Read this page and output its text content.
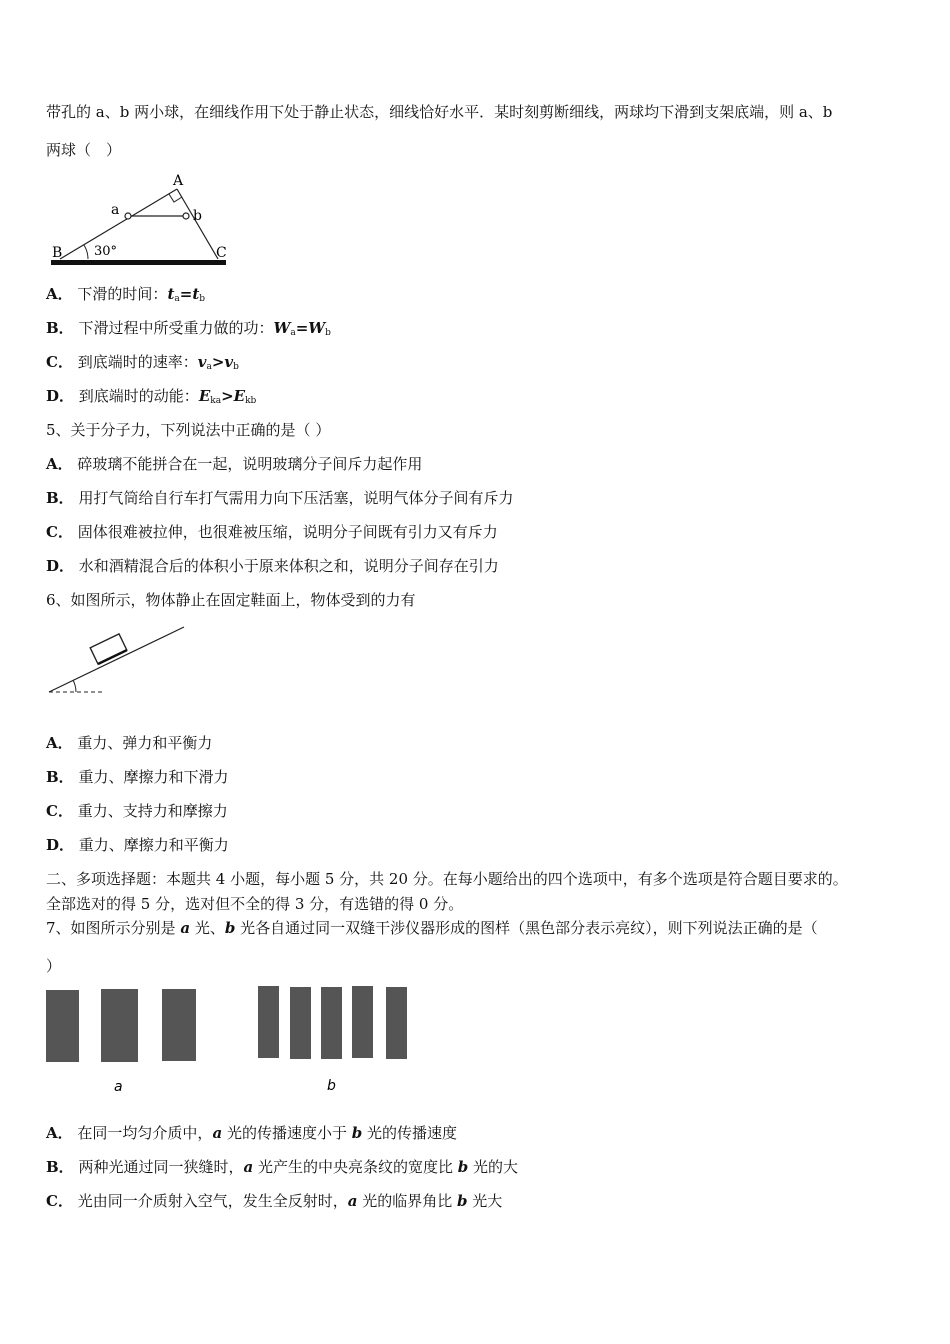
带孔的 a、b 两小球，在细线作用下处于静止状态，细线恰好水平．某时刻剪断细线，两球均下滑到支架底端，则 a、b
两球（　）
A
B	C
a	b
30°
A． 下滑的时间：$t_a=t_b$
B． 下滑过程中所受重力做的功：$W_a=W_b$
C． 到底端时的速率：$v_a>v_b$
D． 到底端时的动能：$E_{ka}>E_{kb}$
5、关于分子力，下列说法中正确的是（ ）
A． 碎玻璃不能拼合在一起，说明玻璃分子间斥力起作用
B． 用打气筒给自行车打气需用力向下压活塞，说明气体分子间有斥力
C． 固体很难被拉伸，也很难被压缩，说明分子间既有引力又有斥力
D． 水和酒精混合后的体积小于原来体积之和，说明分子间存在引力
6、如图所示，物体静止在固定鞋面上，物体受到的力有
A． 重力、弹力和平衡力
B． 重力、摩擦力和下滑力
C． 重力、支持力和摩擦力
D． 重力、摩擦力和平衡力
二、多项选择题：本题共 4 小题，每小题 5 分，共 20 分。在每小题给出的四个选项中，有多个选项是符合题目要求的。
全部选对的得 5 分，选对但不全的得 3 分，有选错的得 0 分。
7、如图所示分别是 a 光、b 光各自通过同一双缝干涉仪器形成的图样（黑色部分表示亮纹），则下列说法正确的是（
）
a	b
A． 在同一均匀介质中，a 光的传播速度小于 b 光的传播速度
B． 两种光通过同一狭缝时，a 光产生的中央亮条纹的宽度比 b 光的大
C． 光由同一介质射入空气，发生全反射时，a 光的临界角比 b 光大
